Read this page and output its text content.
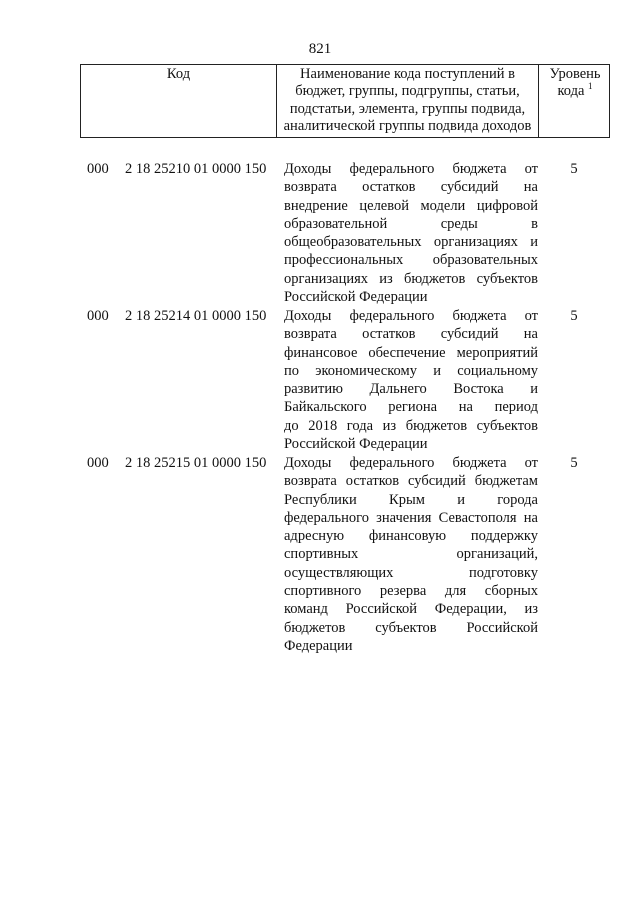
821
Код	Наименование кода поступлений в
бюджет, группы, подгруппы, статьи,
подстатьи, элемента, группы подвида,
аналитической группы подвида доходов
Уровень
кода $^1$
000 2 18 25210 01 0000 150 Доходы федерального бюджета от
возврата остатков субсидий на
внедрение целевой модели цифровой
образовательной среды в
общеобразовательных организациях и
профессиональных образовательных
организациях из бюджетов субъектов
Российской Федерации
5
000 2 18 25214 01 0000 150 Доходы федерального бюджета от
возврата остатков субсидий на
финансовое обеспечение мероприятий
по экономическому и социальному
развитию Дальнего Востока и
Байкальского региона на период
до 2018 года из бюджетов субъектов
Российской Федерации
5
000 2 18 25215 01 0000 150 Доходы федерального бюджета от
возврата остатков субсидий бюджетам
Республики Крым и города
федерального значения Севастополя на
адресную финансовую поддержку
спортивных организаций,
осуществляющих подготовку
спортивного резерва для сборных
команд Российской Федерации, из
бюджетов субъектов Российской
Федерации
5
